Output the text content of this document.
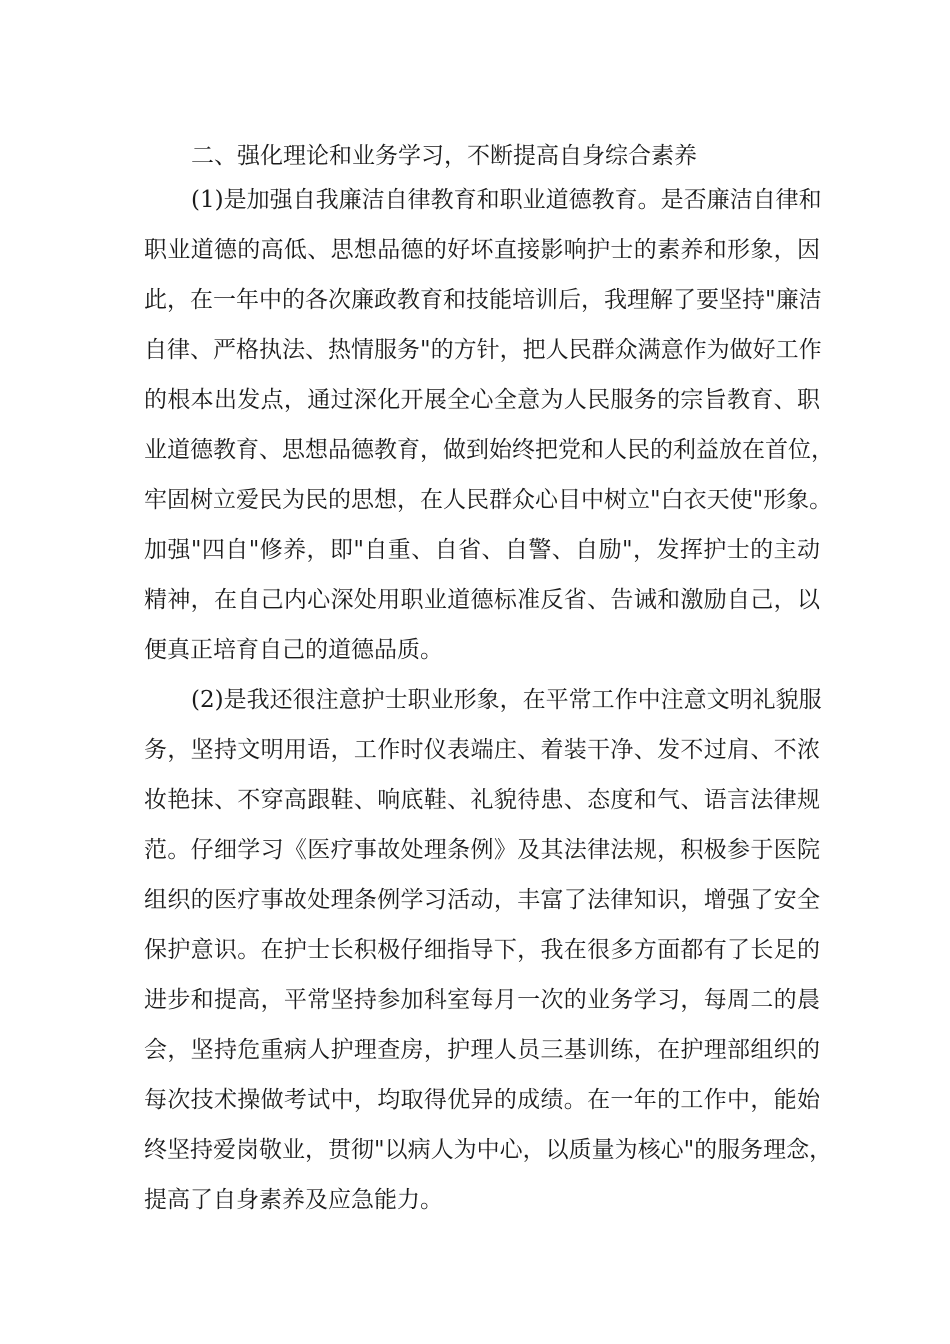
二、强化理论和业务学习，不断提高自身综合素养
(1)是加强自我廉洁自律教育和职业道德教育。是否廉洁自律和
职业道德的高低、思想品德的好坏直接影响护士的素养和形象，因
此，在一年中的各次廉政教育和技能培训后，我理解了要坚持"廉洁
自律、严格执法、热情服务"的方针，把人民群众满意作为做好工作
的根本出发点，通过深化开展全心全意为人民服务的宗旨教育、职
业道德教育、思想品德教育，做到始终把党和人民的利益放在首位，
牢固树立爱民为民的思想，在人民群众心目中树立"白衣天使"形象。
加强"四自"修养，即"自重、自省、自警、自励"，发挥护士的主动
精神，在自己内心深处用职业道德标准反省、告诫和激励自己，以
便真正培育自己的道德品质。
(2)是我还很注意护士职业形象，在平常工作中注意文明礼貌服
务，坚持文明用语，工作时仪表端庄、着装干净、发不过肩、不浓
妆艳抹、不穿高跟鞋、响底鞋、礼貌待患、态度和气、语言法律规
范。仔细学习《医疗事故处理条例》及其法律法规，积极参于医院
组织的医疗事故处理条例学习活动，丰富了法律知识，增强了安全
保护意识。在护士长积极仔细指导下，我在很多方面都有了长足的
进步和提高，平常坚持参加科室每月一次的业务学习，每周二的晨
会，坚持危重病人护理查房，护理人员三基训练，在护理部组织的
每次技术操做考试中，均取得优异的成绩。在一年的工作中，能始
终坚持爱岗敬业，贯彻"以病人为中心，以质量为核心"的服务理念，
提高了自身素养及应急能力。
